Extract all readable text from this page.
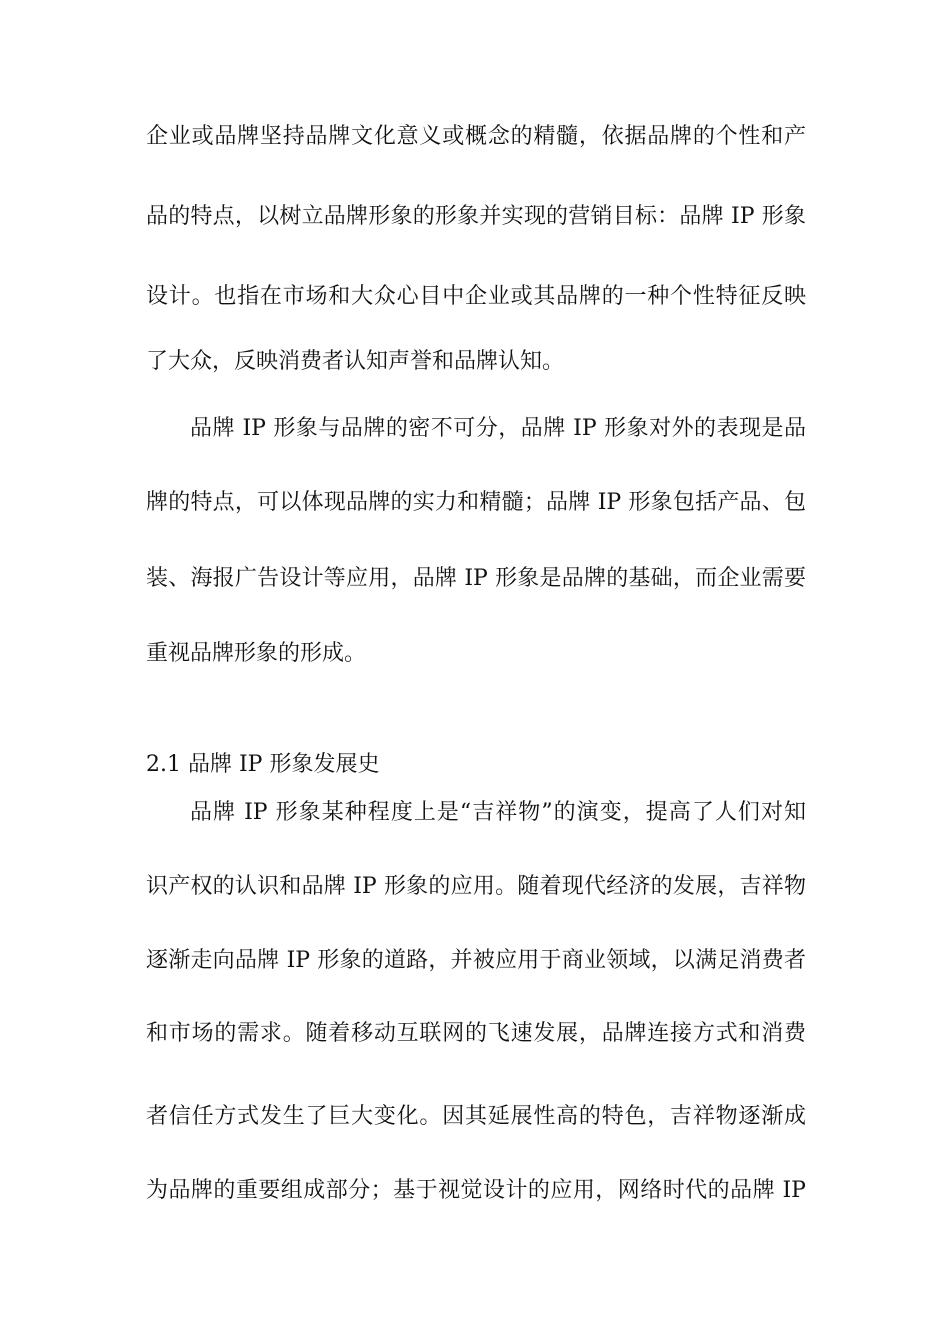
企业或品牌坚持品牌文化意义或概念的精髓，依据品牌的个性和产
品的特点，以树立品牌形象的形象并实现的营销目标：品牌 IP 形象
设计。也指在市场和大众心目中企业或其品牌的一种个性特征反映
了大众，反映消费者认知声誉和品牌认知。
品牌 IP 形象与品牌的密不可分，品牌 IP 形象对外的表现是品
牌的特点，可以体现品牌的实力和精髓；品牌 IP 形象包括产品、包
装、海报广告设计等应用，品牌 IP 形象是品牌的基础，而企业需要
重视品牌形象的形成。
2.1 品牌 IP 形象发展史
品牌 IP 形象某种程度上是“吉祥物”的演变，提高了人们对知
识产权的认识和品牌 IP 形象的应用。随着现代经济的发展，吉祥物
逐渐走向品牌 IP 形象的道路，并被应用于商业领域，以满足消费者
和市场的需求。随着移动互联网的飞速发展，品牌连接方式和消费
者信任方式发生了巨大变化。因其延展性高的特色，吉祥物逐渐成
为品牌的重要组成部分；基于视觉设计的应用，网络时代的品牌 IP
